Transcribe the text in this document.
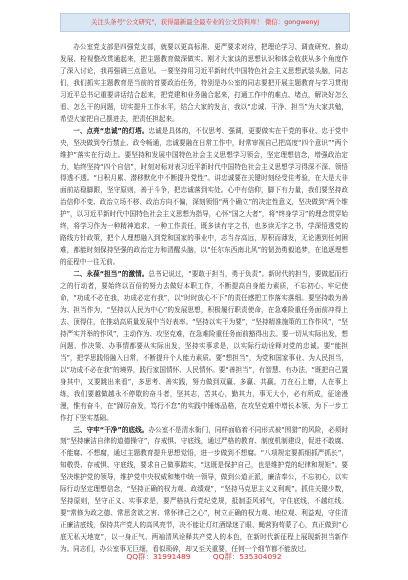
关注头条号"公文研究"，获得最新最全最专业的公文资料库！ 微信：gongwenyj

办公室党支部是四强党支部，就要以更高标准、更严要求对待，把理论学习、调查研究、推动发展、检视整改贯通起来，把主题教育做深做实。刚才大家谈的思想认识和体会收获从多个角度作了深入讨论，我再强调三点意见。一要坚持用习近平新时代中国特色社会主义思想武装头脑，同志们，我们抓实主题教育是当前的首要政治任务，特别是办公室的同志要把开展主题教育与学习贯彻习近平总书记重要讲话结合起来，把党建和业务融合起来，打通工作中的难点、堵点，解决好怎么看、怎么干的问题，切实提升工作水平，结合大家的发言，我以“忠诚、干净、担当”为大家共勉，希望大家把自己摆进去，把责任担起来。

一、点亮“忠诚”的灯塔。忠诚是具体的，不仅思考、强调，更要做实在干党的事业、忠于党中央，坚决做到令行禁止、政令畅通，忠诚要融在日常工作中，时常审视自己把高度“四个意识”“两个维护”落实在行动上。要坚持和发展中国特色社会主义思想学习领会，坚定理想信念，增强政治定力，始终坚持“四个自信”，时刻对标对表习近平新时代中国特色社会主义思想学习得深不深、领悟得透不透。“日积月累、潜移默化中不断提升党性”。讲忠诚要在关键时刻经受住考验，在大是大非面前站稳脚跟，坚守原则，善于斗争，把忠诚落到实处。心中有信仰，脚下有力量，我们要坚持政治信仰不变、政治立场不移、政治方向不偏，深刻领悟“两个确立”的决定性意义，坚决做到“两个维护”，以习近平新时代中国特色社会主义思想为指导，心怀“国之大者”，将“终身学习”的理念贯穿始终，将学习作为一种精神追求、一种工作责任，既多读有字之书，也多读无字之书，学深悟透党的路线方针政策，把个人理想融入到党和国家的事业中，志当存高远，厚积而薄发，无论遇到任何困难，都能时刻保持坚强的政治定力和清醒头脑，以“任尔东西南北风”的韧劲勇毅追梦，在追逐理想的征程中一往无前。

二、永葆“担当”的激情。总书记说过，“要敢于担当，勇于负责”。新时代的担当，要做起而行之的行动者，要始终以百倍的努力去做好本职工作，不断提高自身能力素质，不忘初心、牢记使命，“功成不必在我，功成必定有我”，以“时时放心不下”的责任感把工作落实落细。要坚持敢为善为、担当作为，“坚持以人民为中心”的发展思想，积极履行职责使命，在急难险重任务面前冲得上去、顶得住，在推动高质量发展中当好表率。“坚持以实干为要”，“坚持精准施策的工作作风”，“坚持严实并举的作风”，主动作为、攻坚克难，在急难险重任务面前豁得出去。要一切从实际出发，想问题、作决策、办事情都要从实际出发，坚持实事求是，以实际行动诠释对党的忠诚。要“能担当”，把学思践悟融入日常，不断提升个人能力素质。要“想担当”，为党和国家事业、为人民担当，以“功成不必在我”的境界，践行家国情怀、人民情怀。要“善担当”，有智慧、有办法，“既把自己置身其中，又要跳出来看”，多思考、善实践，努力做到双赢、多赢、共赢。刀在石上磨，人在事上练，我们要越做越永不停歇的奋斗者，坚其志，苦其心，勤其力，事无大小，必有所成，征途漫漫，惟有奋斗，在“踔厉奋发，笃行不怠”的实践中锤炼品格，在攻坚克难中增长本领、为下一步工作打下坚实基础。

三、守牢“干净”的底线。办公室不是清水衙门，同样面临着不同形式被“围猎”的风险，必须时刻“坚持廉洁自律的道德操守”，存戒惧、守底线，通过严格的教育、制度机制建设，促进不敢腐、不能腐、不想腐，通过主题教育提升思想觉悟，进一步做到不想腐。“八项规定要抓细抓严抓长”，知敬畏、存戒惧、守底线，要求自己做事踏实，“这既是保护自己，也是维护党的纪律和规矩”。要坚决维护党的领导，维护党中央权威和集中统一领导，做到公道正派，廉洁奉公，不忘初心，以实际行动坚定理想信念，“坚持正确的权力观、政绩观”，“坚持马克思主义义利观”。抓住关键少数，坚持原则，坚守正义、实事求是，要严格执行党纪党规，抵制歪风邪气，守住底线，不越红线。要“常修为政之德、常思贪欲之害、常怀律己之心”，树立正确的权力观、地位观、利益观，守住清正廉洁底线，保持共产党人的高风亮节，决不能让灯红酒绿迷了眼、蝇营狗苟蒙了心，真正做到“心底无私天地宽”，以一身正气、两袖清风诠释共产党人的本色，在新时代新征程上展现新担当新作为。同志们，办公室事无巨细，看似琐碎，却又至关重要，任何一个细节都不能放过。

QQ群：31991489	QQ群：535304092
